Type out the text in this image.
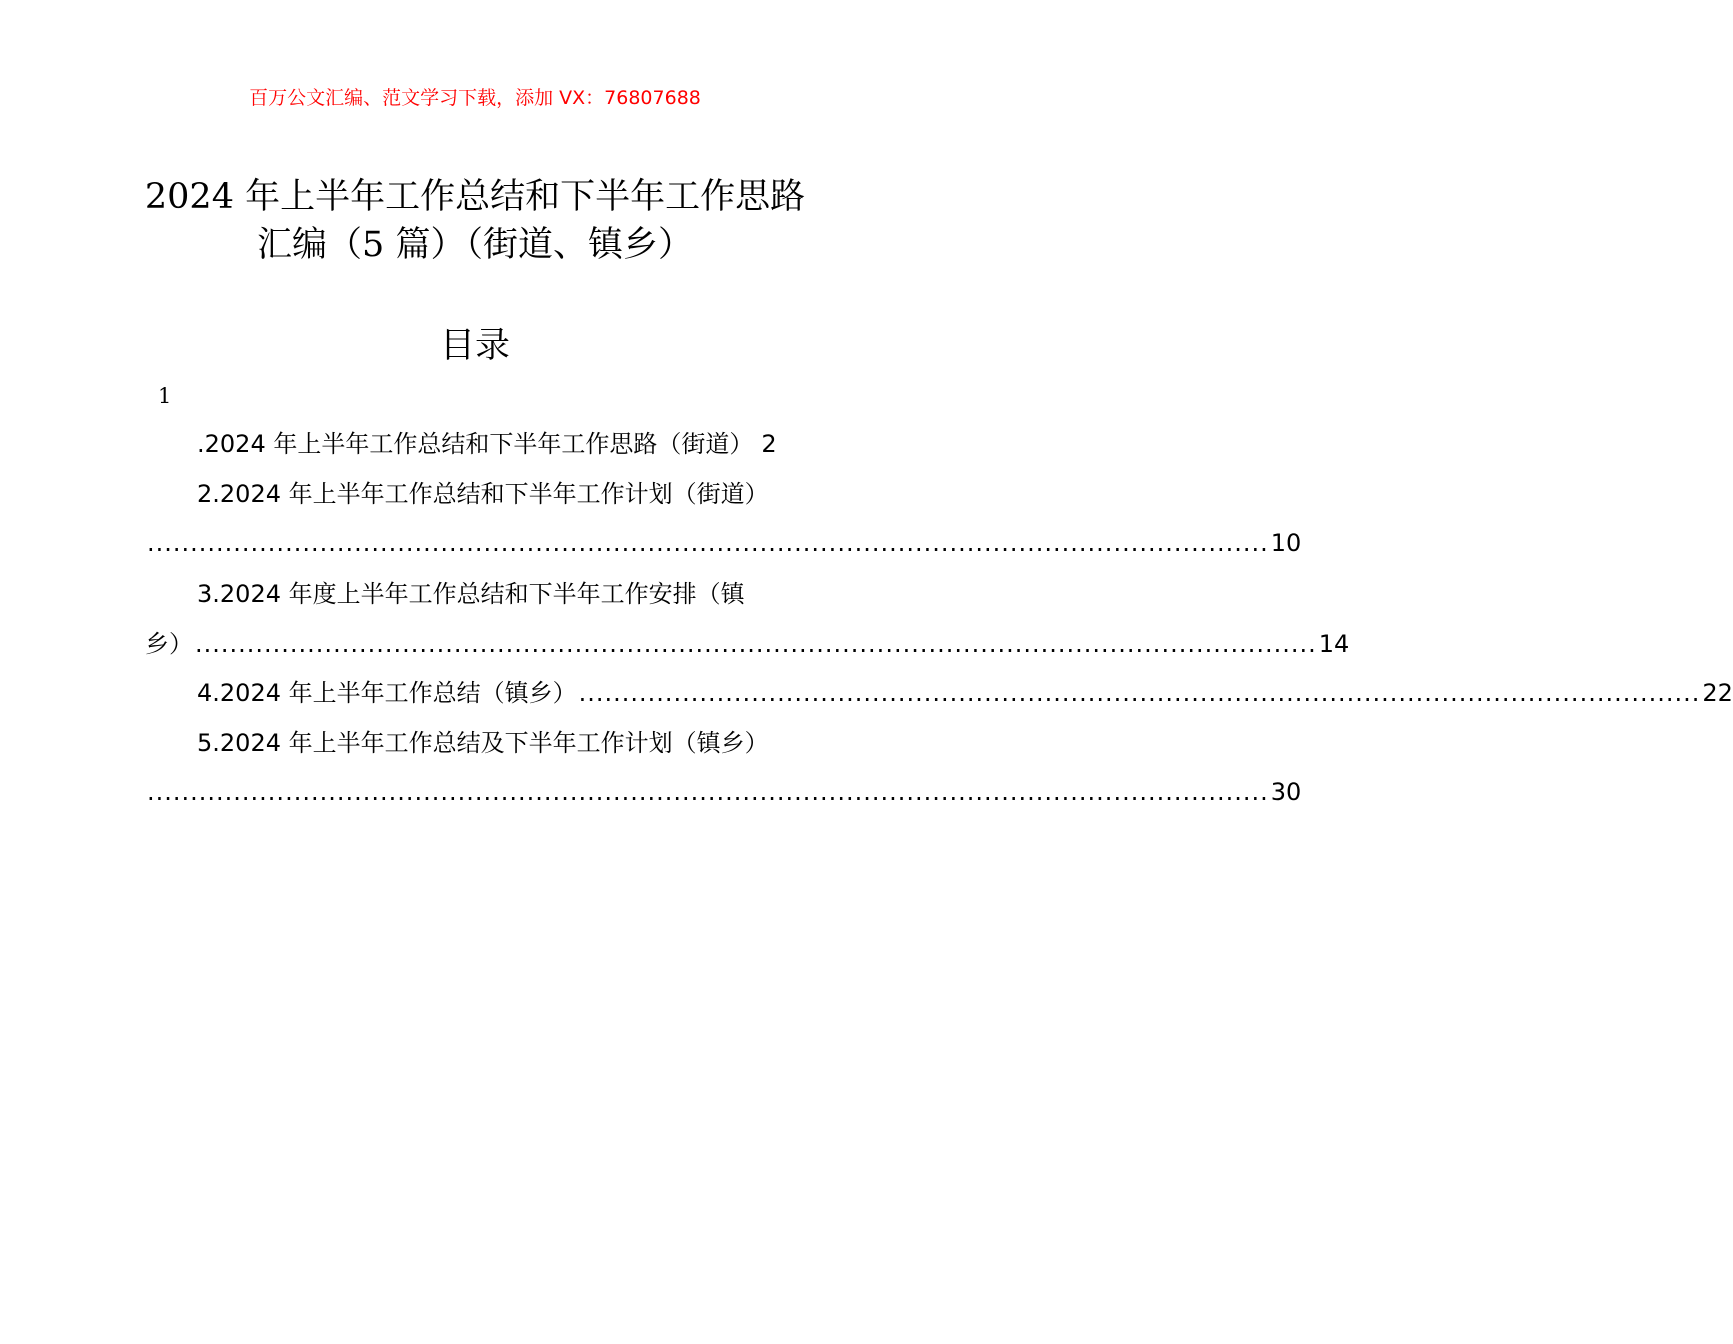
百万公文汇编、范文学习下载，添加 VX：76807688
2024 年上半年工作总结和下半年工作思路
汇编（5 篇）（街道、镇乡）
目录
1
.2024 年上半年工作总结和下半年工作思路（街道） 2
2.2024 年上半年工作总结和下半年工作计划（街道）
.................................................................................................................................. 10
3.2024 年度上半年工作总结和下半年工作安排（镇
乡） .................................................................................................................................. 14
4.2024 年上半年工作总结（镇乡） .................................................................................................................................. 22
5.2024 年上半年工作总结及下半年工作计划（镇乡）
.................................................................................................................................. 30
